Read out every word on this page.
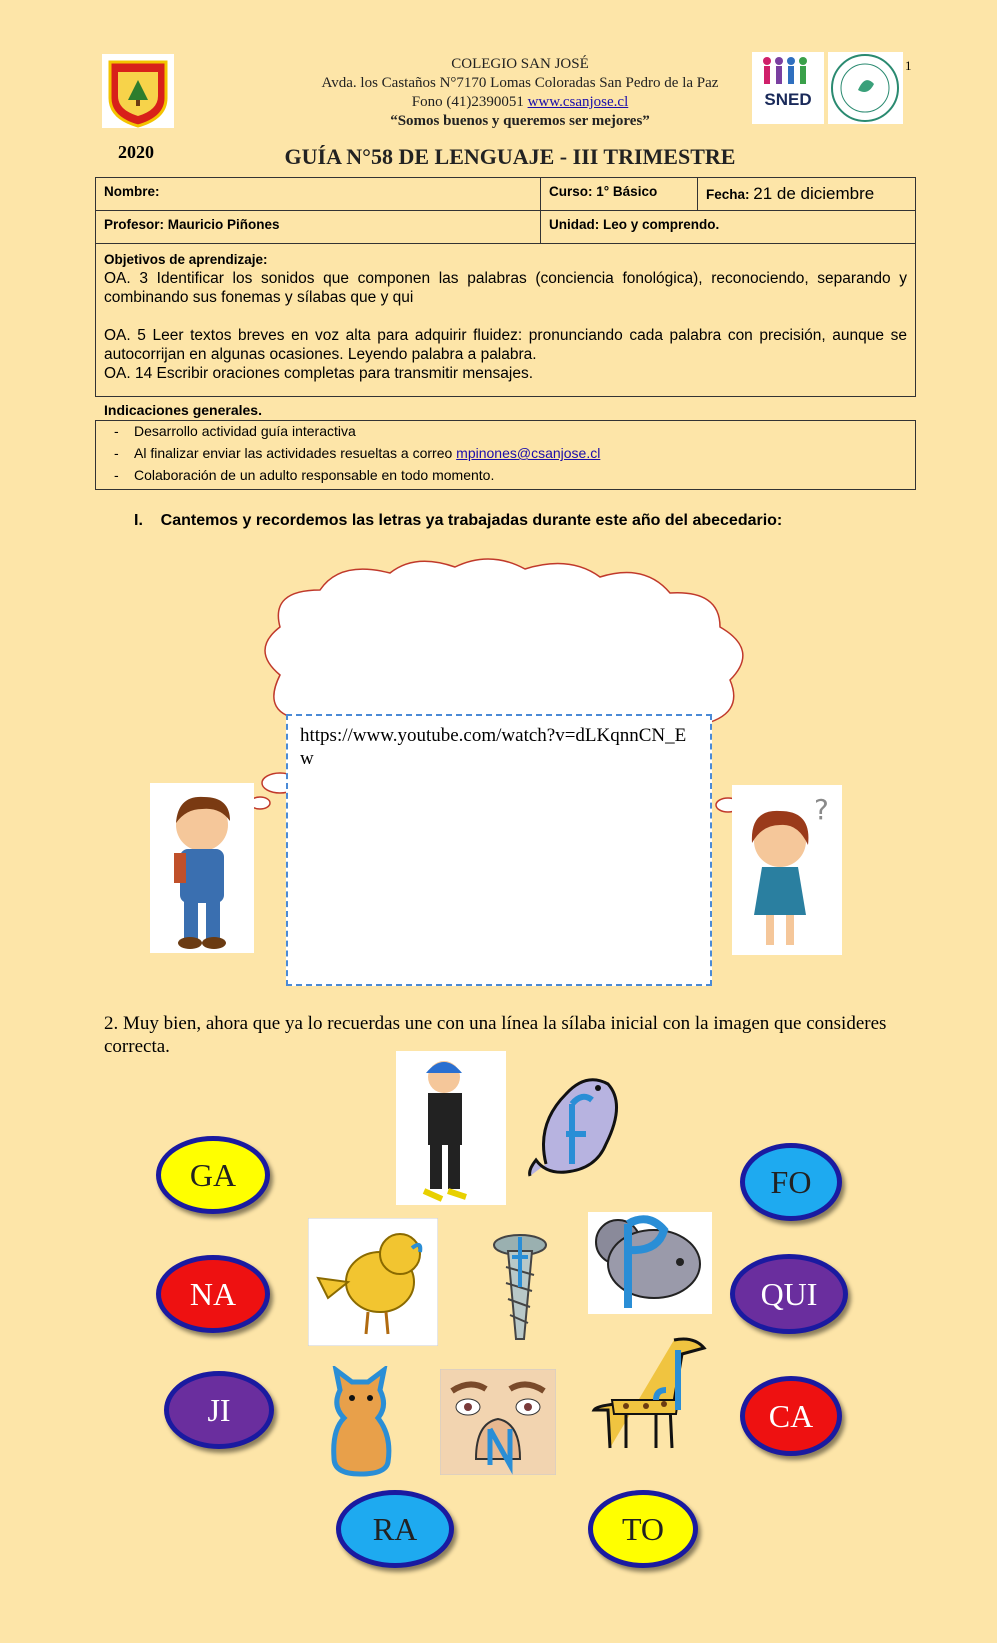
COLEGIO SAN JOSÉ
Avda. los Castaños N°7170 Lomas Coloradas San Pedro de la Paz
Fono (41)2390051 www.csanjose.cl
“Somos buenos y queremos ser mejores”
SNED
1
2020	GUÍA N°58 DE LENGUAJE - III TRIMESTRE
Nombre:	Curso: 1° Básico	Fecha: 21 de diciembre
Profesor: Mauricio Piñones	Unidad: Leo y comprendo.	
Objetivos de aprendizaje:
OA. 3 Identificar los sonidos que componen las palabras (conciencia fonológica), reconociendo, separando y combinando sus fonemas y sílabas que y qui
OA. 5 Leer textos breves en voz alta para adquirir fluidez: pronunciando cada palabra con precisión, aunque se autocorrijan en algunas ocasiones. Leyendo palabra a palabra.
OA. 14 Escribir oraciones completas para transmitir mensajes.		
Indicaciones generales.
- Desarrollo actividad guía interactiva
- Al finalizar enviar las actividades resueltas a correo mpinones@csanjose.cl
- Colaboración de un adulto responsable en todo momento.
I. Cantemos y recordemos las letras ya trabajadas durante este año del abecedario:
?
https://www.youtube.com/watch?v=dLKqnnCN_Ew
2. Muy bien, ahora que ya lo recuerdas une con una línea la sílaba inicial con la imagen que consideres correcta.
GA
NA
JI
RA	TO
FO
QUI
CA
